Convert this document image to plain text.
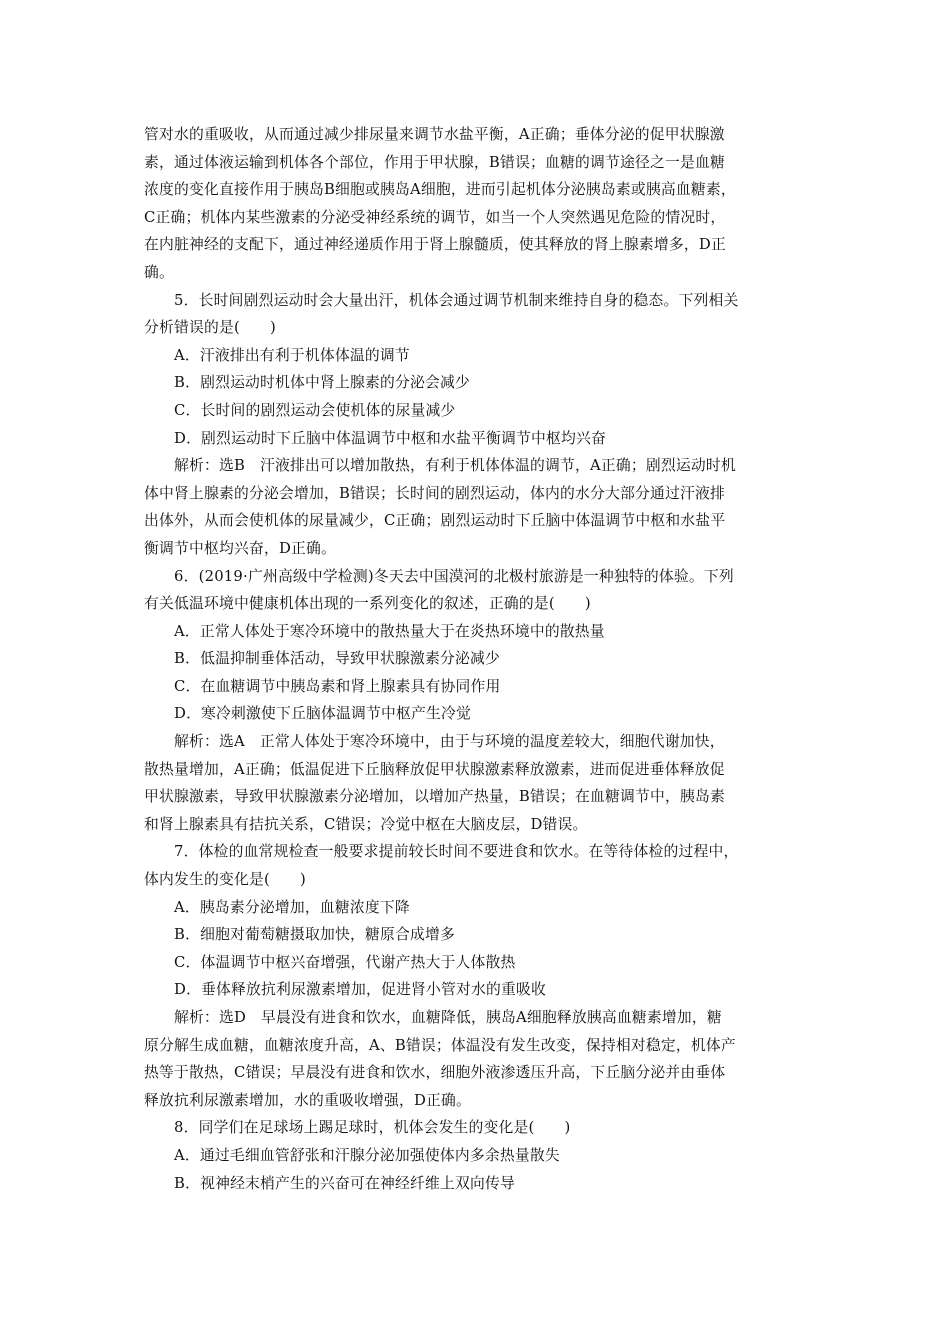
管对水的重吸收，从而通过减少排尿量来调节水盐平衡，A正确；垂体分泌的促甲状腺激
素，通过体液运输到机体各个部位，作用于甲状腺，B错误；血糖的调节途径之一是血糖
浓度的变化直接作用于胰岛B细胞或胰岛A细胞，进而引起机体分泌胰岛素或胰高血糖素，
C正确；机体内某些激素的分泌受神经系统的调节，如当一个人突然遇见危险的情况时，
在内脏神经的支配下，通过神经递质作用于肾上腺髓质，使其释放的肾上腺素增多，D正
确。
5．长时间剧烈运动时会大量出汗，机体会通过调节机制来维持自身的稳态。下列相关
分析错误的是(　　)
A．汗液排出有利于机体体温的调节
B．剧烈运动时机体中肾上腺素的分泌会减少
C．长时间的剧烈运动会使机体的尿量减少
D．剧烈运动时下丘脑中体温调节中枢和水盐平衡调节中枢均兴奋
解析：选B　汗液排出可以增加散热，有利于机体体温的调节，A正确；剧烈运动时机
体中肾上腺素的分泌会增加，B错误；长时间的剧烈运动，体内的水分大部分通过汗液排
出体外，从而会使机体的尿量减少，C正确；剧烈运动时下丘脑中体温调节中枢和水盐平
衡调节中枢均兴奋，D正确。
6．(2019·广州高级中学检测)冬天去中国漠河的北极村旅游是一种独特的体验。下列
有关低温环境中健康机体出现的一系列变化的叙述，正确的是(　　)
A．正常人体处于寒冷环境中的散热量大于在炎热环境中的散热量
B．低温抑制垂体活动，导致甲状腺激素分泌减少
C．在血糖调节中胰岛素和肾上腺素具有协同作用
D．寒冷刺激使下丘脑体温调节中枢产生冷觉
解析：选A　正常人体处于寒冷环境中，由于与环境的温度差较大，细胞代谢加快，
散热量增加，A正确；低温促进下丘脑释放促甲状腺激素释放激素，进而促进垂体释放促
甲状腺激素，导致甲状腺激素分泌增加，以增加产热量，B错误；在血糖调节中，胰岛素
和肾上腺素具有拮抗关系，C错误；冷觉中枢在大脑皮层，D错误。
7．体检的血常规检查一般要求提前较长时间不要进食和饮水。在等待体检的过程中，
体内发生的变化是(　　)
A．胰岛素分泌增加，血糖浓度下降
B．细胞对葡萄糖摄取加快，糖原合成增多
C．体温调节中枢兴奋增强，代谢产热大于人体散热
D．垂体释放抗利尿激素增加，促进肾小管对水的重吸收
解析：选D　早晨没有进食和饮水，血糖降低，胰岛A细胞释放胰高血糖素增加，糖
原分解生成血糖，血糖浓度升高，A、B错误；体温没有发生改变，保持相对稳定，机体产
热等于散热，C错误；早晨没有进食和饮水，细胞外液渗透压升高，下丘脑分泌并由垂体
释放抗利尿激素增加，水的重吸收增强，D正确。
8．同学们在足球场上踢足球时，机体会发生的变化是(　　)
A．通过毛细血管舒张和汗腺分泌加强使体内多余热量散失
B．视神经末梢产生的兴奋可在神经纤维上双向传导
